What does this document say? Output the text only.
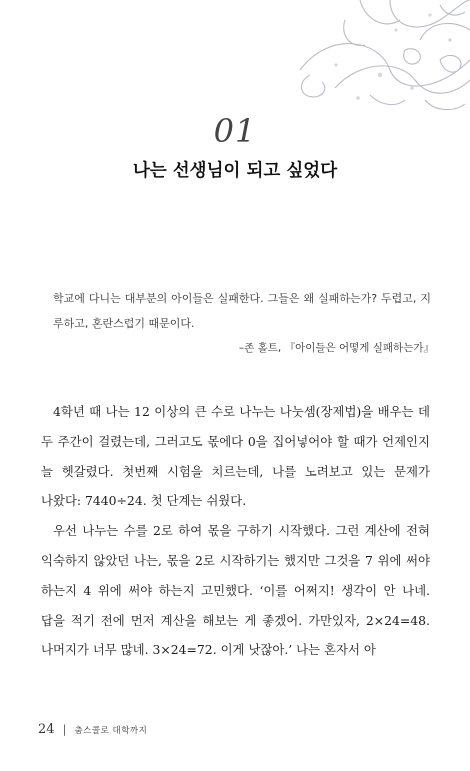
01
나는 선생님이 되고 싶었다
학교에 다니는 대부분의 아이들은 실패한다. 그들은 왜 실패하는가? 두렵고, 지루하고, 혼란스럽기 때문이다.
–존 홀트, 『아이들은 어떻게 실패하는가』

4학년 때 나는 12 이상의 큰 수로 나누는 나눗셈(장제법)을 배우는 데 두 주간이 걸렸는데, 그러고도 몫에다 0을 집어넣어야 할 때가 언제인지 늘 헷갈렸다. 첫번째 시험을 치르는데, 나를 노려보고 있는 문제가 나왔다: 7440÷24. 첫 단계는 쉬웠다.

우선 나누는 수를 2로 하여 몫을 구하기 시작했다. 그런 계산에 전혀 익숙하지 않았던 나는, 몫을 2로 시작하기는 했지만 그것을 7 위에 써야 하는지 4 위에 써야 하는지 고민했다. ‘이를 어쩌지! 생각이 안 나네. 답을 적기 전에 먼저 계산을 해보는 게 좋겠어. 가만있자, 2×24=48. 나머지가 너무 많네. 3×24=72. 이게 낫잖아.’ 나는 혼자서 아

24 | 춤스콜로 대학까지
